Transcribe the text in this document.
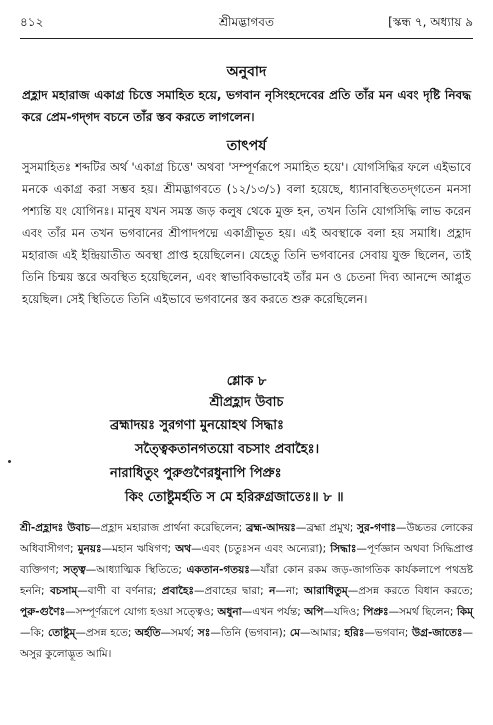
৪১২	শ্রীমদ্ভাগবত	[স্কন্ধ ৭, অধ্যায় ৯
অনুবাদ

প্রহ্লাদ মহারাজ একাগ্র চিত্তে সমাহিত হয়ে, ভগবান নৃসিংহদেবের প্রতি তাঁর মন এবং দৃষ্টি নিবদ্ধ করে প্রেম-গদ্‌গদ বচনে তাঁর স্তব করতে লাগলেন।

তাৎপর্য

সুসমাহিতঃ শব্দটির অর্থ 'একাগ্র চিত্তে' অথবা 'সম্পূর্ণরূপে সমাহিত হয়ে'। যোগসিদ্ধির ফলে এইভাবে মনকে একাগ্র করা সম্ভব হয়। শ্রীমদ্ভাগবতে (১২/১৩/১) বলা হয়েছে, ধ্যানাবস্থিততদ্‌গতেন মনসা পশ্যন্তি যং যোগিনঃ। মানুষ যখন সমস্ত জড় কলুষ থেকে মুক্ত হন, তখন তিনি যোগসিদ্ধি লাভ করেন এবং তাঁর মন তখন ভগবানের শ্রীপাদপদ্মে একাগ্রীভূত হয়। এই অবস্থাকে বলা হয় সমাধি। প্রহ্লাদ মহারাজ এই ইন্দ্রিয়াতীত অবস্থা প্রাপ্ত হয়েছিলেন। যেহেতু তিনি ভগবানের সেবায় যুক্ত ছিলেন, তাই তিনি চিন্ময় স্তরে অবস্থিত হয়েছিলেন, এবং স্বাভাবিকভাবেই তাঁর মন ও চেতনা দিব্য আনন্দে আপ্লুত হয়েছিল। সেই স্থিতিতে তিনি এইভাবে ভগবানের স্তব করতে শুরু করেছিলেন।

শ্লোক ৮
শ্রীপ্রহ্লাদ উবাচ
ব্রহ্মাদয়ঃ সুরগণা মুনয়োহথ সিদ্ধাঃ
সত্ত্বৈকতানগতয়ো বচসাং প্রবাহৈঃ।
নারাধিতুং পুরুগুণৈরধুনাপি পিপ্রুঃ
কিং তোষ্টুমর্হতি স মে হরিরুগ্রজাতেঃ॥ ৮ ॥

শ্রী-প্রহ্লাদঃ উবাচ—প্রহ্লাদ মহারাজ প্রার্থনা করেছিলেন; ব্রহ্ম-আদয়ঃ—ব্রহ্মা প্রমুখ; সুর-গণাঃ—উচ্চতর লোকের অধিবাসীগণ; মুনয়ঃ—মহান ঋষিগণ; অথ—এবং (চতুঃসন এবং অন্যেরা); সিদ্ধাঃ—পূর্ণজ্ঞান অথবা সিদ্ধিপ্রাপ্ত ব্যক্তিগণ; সত্ত্ব—আধ্যাত্মিক স্থিতিতে; একতান-গতয়ঃ—যাঁরা কোন রকম জড়-জাগতিক কার্যকলাপে পথভ্রষ্ট হননি; বচসাম্‌—বাণী বা বর্ণনার; প্রবাহৈঃ—প্রবাহের দ্বারা; ন—না; আরাধিতুম্‌—প্রসন্ন করতে বিধান করতে; পুরু-গুণৈঃ—সম্পূর্ণরূপে যোগ্য হওয়া সত্ত্বেও; অধুনা—এখন পর্যন্ত; অপি—যদিও; পিপ্রুঃ—সমর্থ ছিলেন; কিম্‌—কি; তোষ্টুম্‌—প্রসন্ন হতে; অর্হতি—সমর্থ; সঃ—তিনি (ভগবান); মে—আমার; হরিঃ—ভগবান; উগ্র-জাতেঃ—অসুর কুলোদ্ভূত আমি।
